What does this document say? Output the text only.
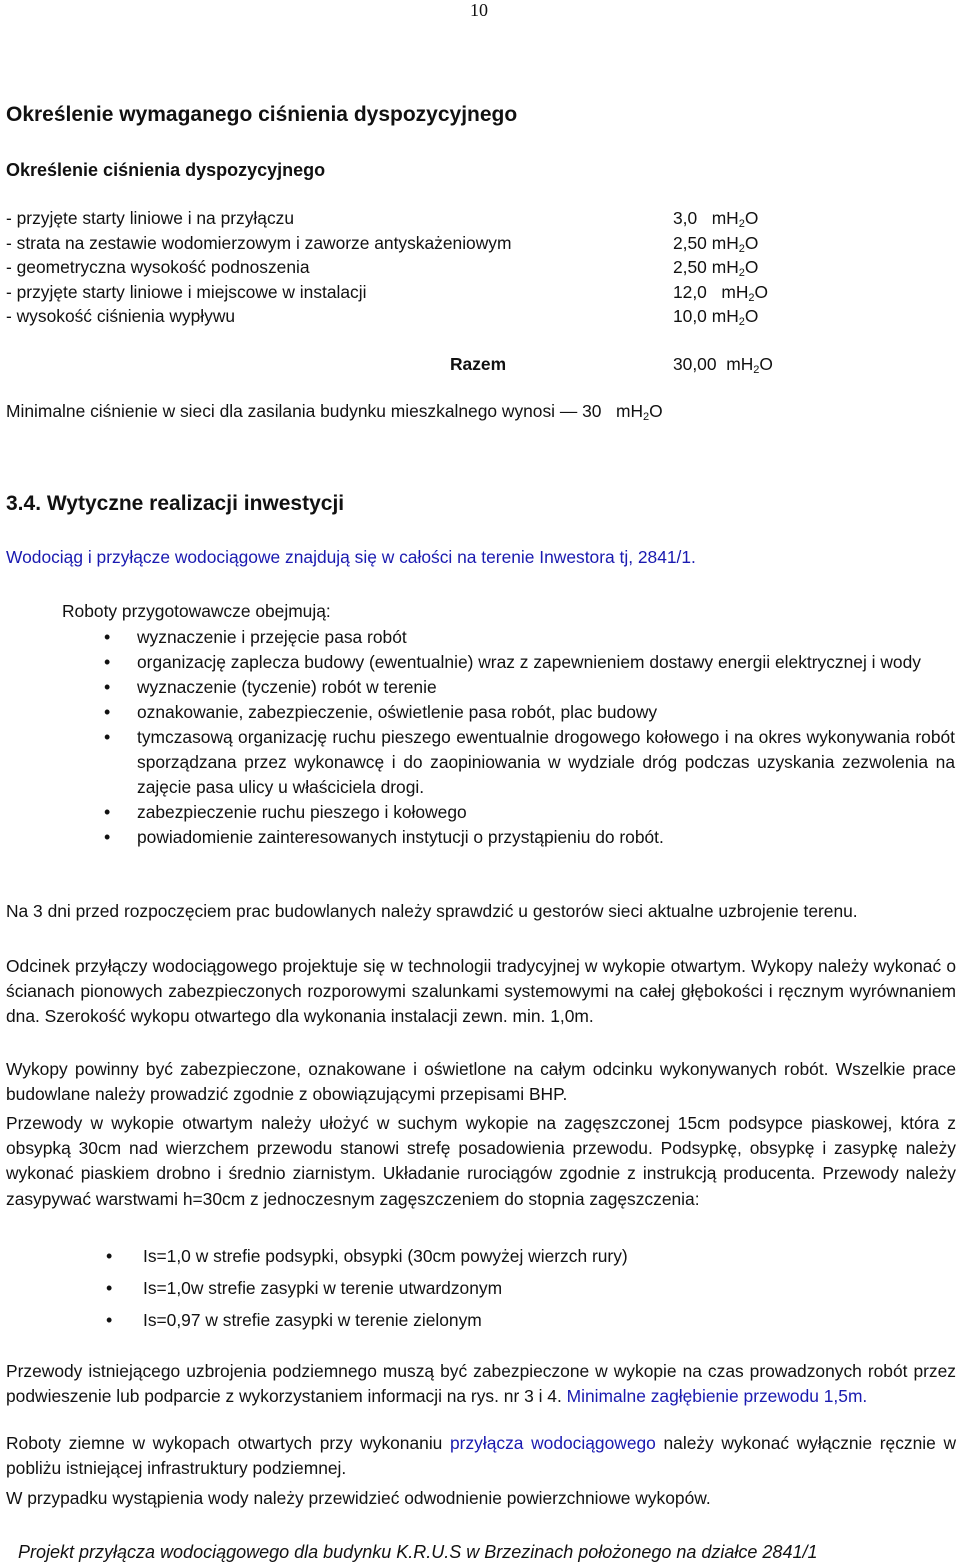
10
Określenie wymaganego ciśnienia dyspozycyjnego
Określenie ciśnienia dyspozycyjnego
- przyjęte starty liniowe i na przyłączu	3,0 $mH_2O$
- strata na zestawie wodomierzowym i zaworze antyskażeniowym	2,50 $mH_2O$
- geometryczna wysokość podnoszenia	2,50 $mH_2O$
- przyjęte starty liniowe i miejscowe w instalacji	12,0 $mH_2O$
- wysokość ciśnienia wypływu	10,0 $mH_2O$
Razem	30,00 $mH_2O$
Minimalne ciśnienie w sieci dla zasilania budynku mieszkalnego wynosi — 30 $mH_2O$
3.4. Wytyczne realizacji inwestycji
Wodociąg i przyłącze wodociągowe znajdują się w całości na terenie Inwestora tj, 2841/1.
Roboty przygotowawcze obejmują:
• wyznaczenie i przejęcie pasa robót
• organizację zaplecza budowy (ewentualnie) wraz z zapewnieniem dostawy energii elektrycznej i wody
• wyznaczenie (tyczenie) robót w terenie
• oznakowanie, zabezpieczenie, oświetlenie pasa robót, plac budowy
• tymczasową organizację ruchu pieszego ewentualnie drogowego kołowego i na okres wykonywania robót sporządzana przez wykonawcę i do zaopiniowania w wydziale dróg podczas uzyskania zezwolenia na zajęcie pasa ulicy u właściciela drogi.
• zabezpieczenie ruchu pieszego i kołowego
• powiadomienie zainteresowanych instytucji o przystąpieniu do robót.
Na 3 dni przed rozpoczęciem prac budowlanych należy sprawdzić u gestorów sieci aktualne uzbrojenie terenu.
Odcinek przyłączy wodociągowego projektuje się w technologii tradycyjnej w wykopie otwartym. Wykopy należy wykonać o ścianach pionowych zabezpieczonych rozporowymi szalunkami systemowymi na całej głębokości i ręcznym wyrównaniem dna. Szerokość wykopu otwartego dla wykonania instalacji zewn. min. 1,0m.
Wykopy powinny być zabezpieczone, oznakowane i oświetlone na całym odcinku wykonywanych robót. Wszelkie prace budowlane należy prowadzić zgodnie z obowiązującymi przepisami BHP.
Przewody w wykopie otwartym należy ułożyć w suchym wykopie na zagęszczonej 15cm podsypce piaskowej, która z obsypką 30cm nad wierzchem przewodu stanowi strefę posadowienia przewodu. Podsypkę, obsypkę i zasypkę należy wykonać piaskiem drobno i średnio ziarnistym. Układanie rurociągów zgodnie z instrukcją producenta. Przewody należy zasypywać warstwami h=30cm z jednoczesnym zagęszczeniem do stopnia zagęszczenia:
• Is=1,0 w strefie podsypki, obsypki (30cm powyżej wierzch rury)
• Is=1,0w strefie zasypki w terenie utwardzonym
• Is=0,97 w strefie zasypki w terenie zielonym
Przewody istniejącego uzbrojenia podziemnego muszą być zabezpieczone w wykopie na czas prowadzonych robót przez podwieszenie lub podparcie z wykorzystaniem informacji na rys. nr 3 i 4. Minimalne zagłębienie przewodu 1,5m.
Roboty ziemne w wykopach otwartych przy wykonaniu przyłącza wodociągowego należy wykonać wyłącznie ręcznie w pobliżu istniejącej infrastruktury podziemnej.
W przypadku wystąpienia wody należy przewidzieć odwodnienie powierzchniowe wykopów.
Projekt przyłącza wodociągowego dla budynku K.R.U.S w Brzezinach położonego na działce 2841/1
